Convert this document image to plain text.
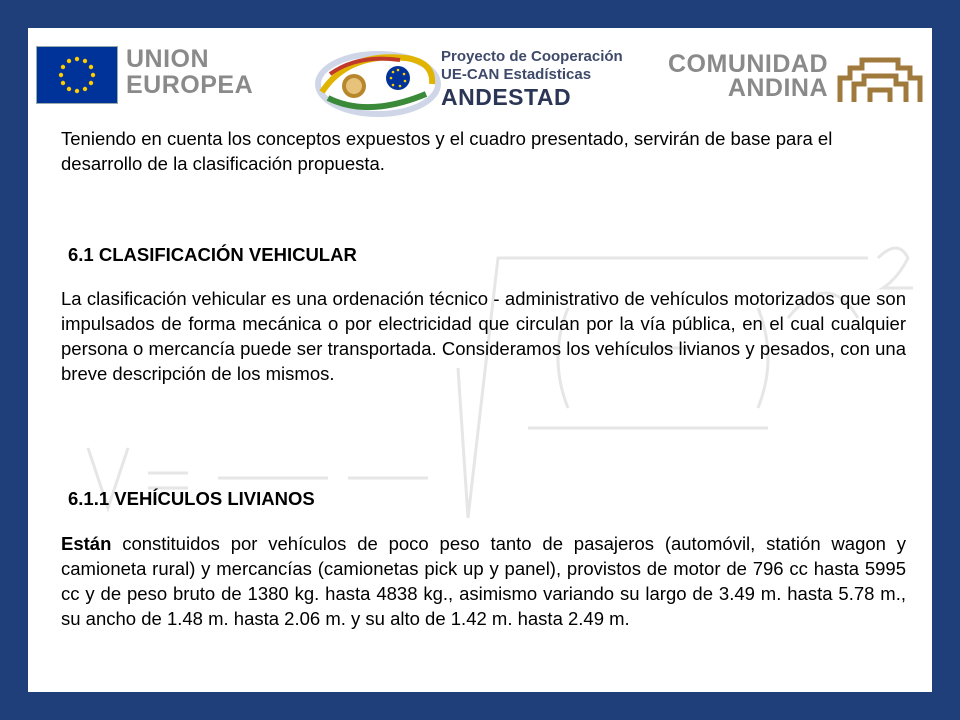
UNION
EUROPEA
Proyecto de Cooperación
UE-CAN Estadísticas
ANDESTAD
COMUNIDAD
ANDINA
Teniendo en cuenta los conceptos expuestos y el cuadro presentado, servirán de base para el desarrollo de la clasificación propuesta.
6.1 CLASIFICACIÓN VEHICULAR
La clasificación vehicular es una ordenación técnico - administrativo de vehículos motorizados que son impulsados de forma mecánica o por electricidad que circulan por la vía pública, en el cual cualquier persona o mercancía puede ser transportada. Consideramos los vehículos livianos y pesados, con una breve descripción de los mismos.
6.1.1 VEHÍCULOS LIVIANOS
Están constituidos por vehículos de poco peso tanto de pasajeros (automóvil, statión wagon y camioneta rural) y mercancías (camionetas pick up y panel), provistos de motor de 796 cc hasta 5995 cc y de peso bruto de 1380 kg. hasta 4838 kg., asimismo variando su largo de 3.49 m. hasta 5.78 m., su ancho de 1.48 m. hasta 2.06 m. y su alto de 1.42 m. hasta 2.49 m.
